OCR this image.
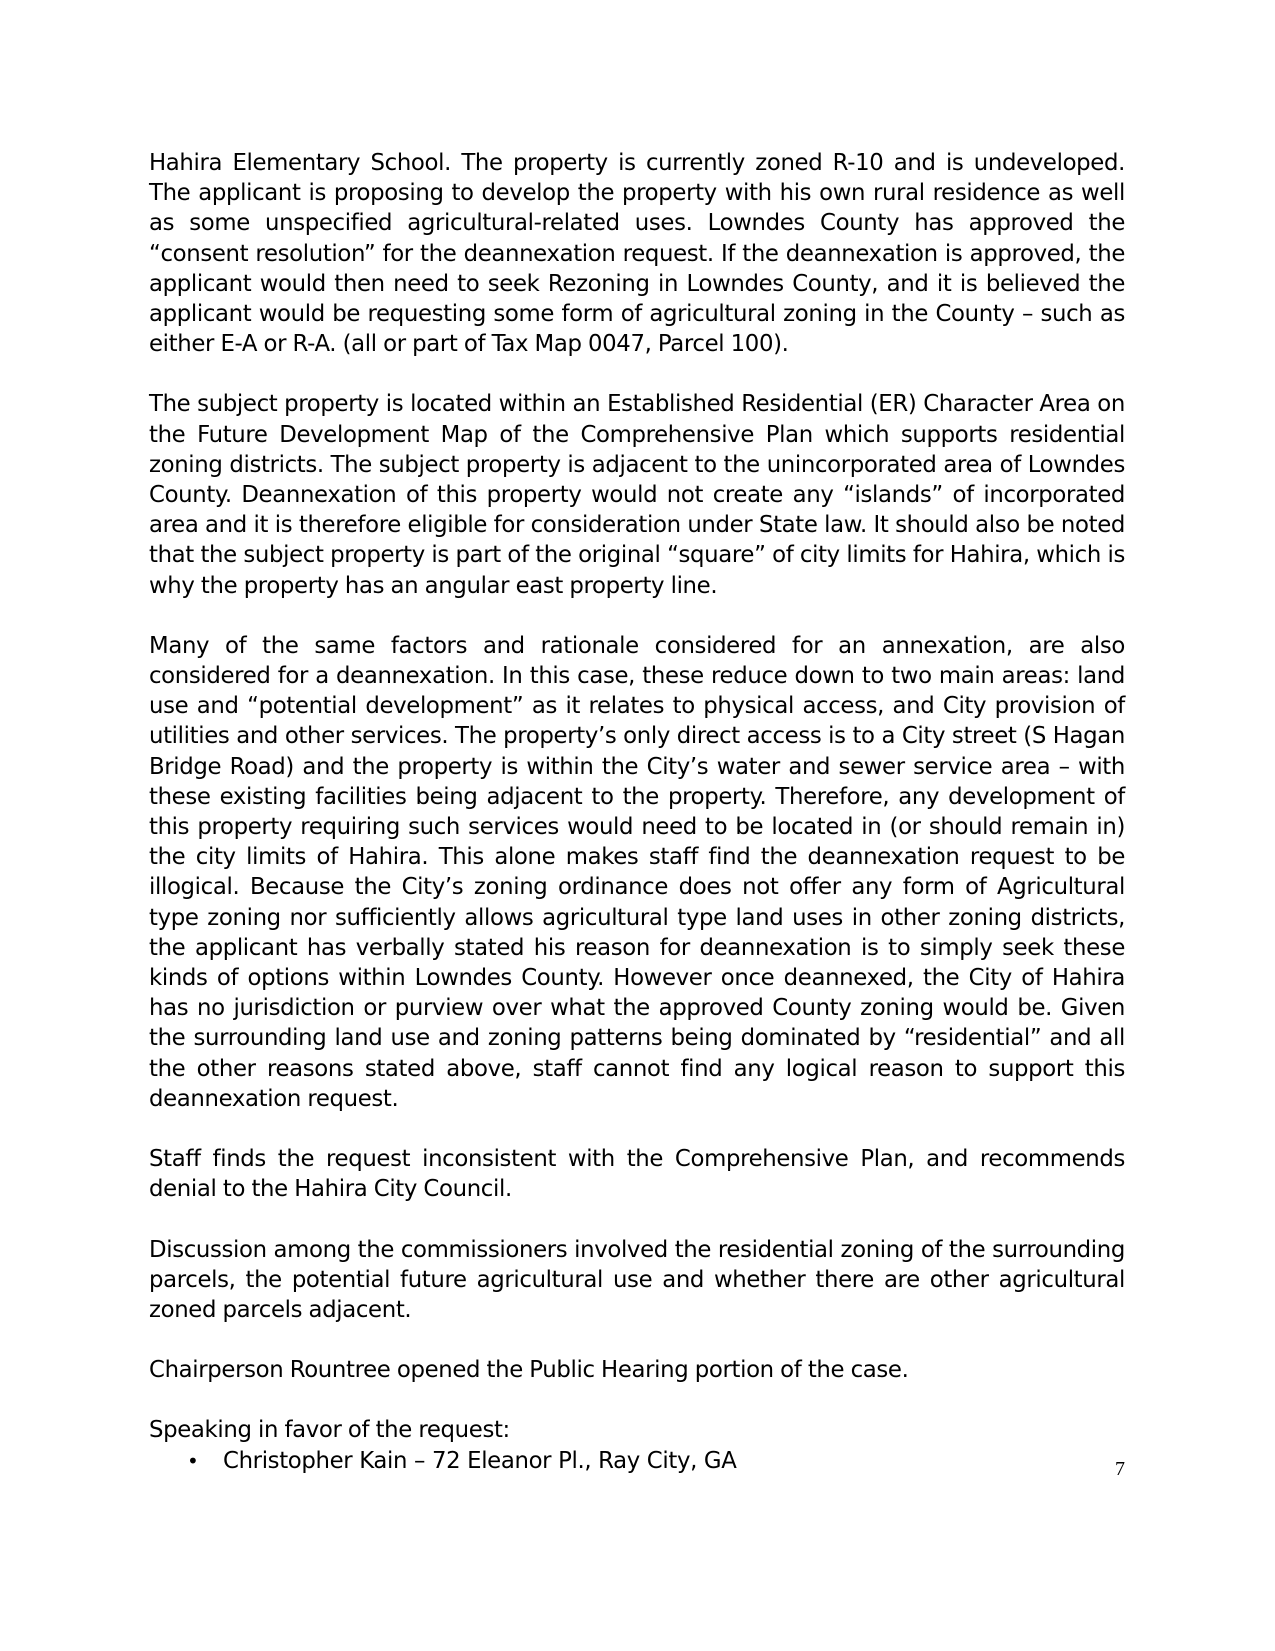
Hahira Elementary School. The property is currently zoned R-10 and is undeveloped. The applicant is proposing to develop the property with his own rural residence as well as some unspecified agricultural-related uses. Lowndes County has approved the “consent resolution” for the deannexation request. If the deannexation is approved, the applicant would then need to seek Rezoning in Lowndes County, and it is believed the applicant would be requesting some form of agricultural zoning in the County – such as either E-A or R-A. (all or part of Tax Map 0047, Parcel 100).

The subject property is located within an Established Residential (ER) Character Area on the Future Development Map of the Comprehensive Plan which supports residential zoning districts. The subject property is adjacent to the unincorporated area of Lowndes County. Deannexation of this property would not create any “islands” of incorporated area and it is therefore eligible for consideration under State law. It should also be noted that the subject property is part of the original “square” of city limits for Hahira, which is why the property has an angular east property line.

Many of the same factors and rationale considered for an annexation, are also considered for a deannexation. In this case, these reduce down to two main areas: land use and “potential development” as it relates to physical access, and City provision of utilities and other services. The property’s only direct access is to a City street (S Hagan Bridge Road) and the property is within the City’s water and sewer service area – with these existing facilities being adjacent to the property. Therefore, any development of this property requiring such services would need to be located in (or should remain in) the city limits of Hahira. This alone makes staff find the deannexation request to be illogical. Because the City’s zoning ordinance does not offer any form of Agricultural type zoning nor sufficiently allows agricultural type land uses in other zoning districts, the applicant has verbally stated his reason for deannexation is to simply seek these kinds of options within Lowndes County. However once deannexed, the City of Hahira has no jurisdiction or purview over what the approved County zoning would be. Given the surrounding land use and zoning patterns being dominated by “residential” and all the other reasons stated above, staff cannot find any logical reason to support this deannexation request.

Staff finds the request inconsistent with the Comprehensive Plan, and recommends denial to the Hahira City Council.

Discussion among the commissioners involved the residential zoning of the surrounding parcels, the potential future agricultural use and whether there are other agricultural zoned parcels adjacent.

Chairperson Rountree opened the Public Hearing portion of the case.

Speaking in favor of the request:

• Christopher Kain – 72 Eleanor Pl., Ray City, GA	7
